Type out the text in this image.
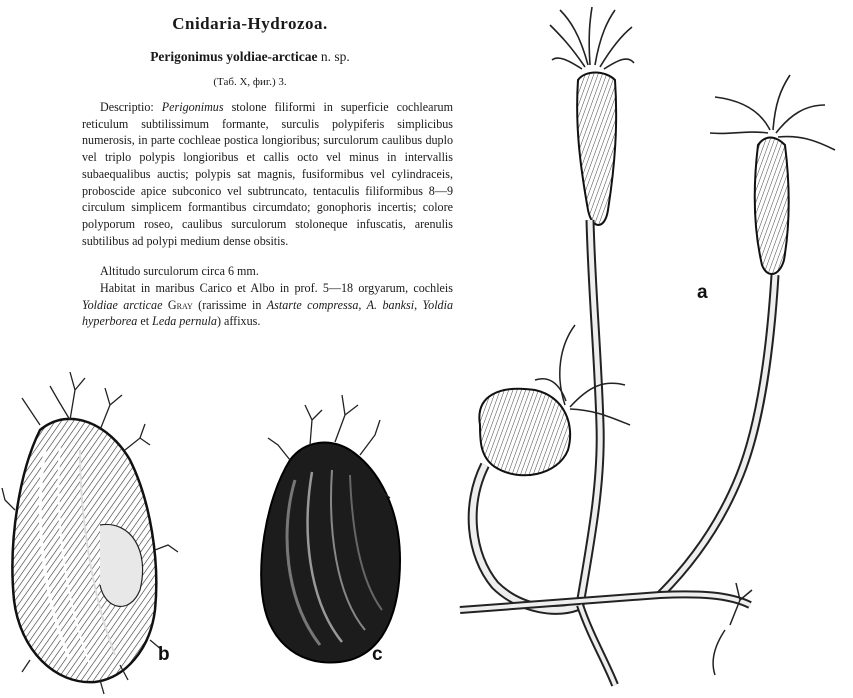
Cnidaria-Hydrozoa.

Perigonimus yoldiae-arcticae n. sp.

(Таб. X, фиг.) 3.

Descriptio: Perigonimus stolone filiformi in superficie cochlearum reticulum subtilissimum formante, surculis polypiferis simplicibus numerosis, in parte cochleae postica longioribus; surculorum caulibus duplo vel triplo polypis longioribus et callis octo vel minus in intervallis subaequalibus auctis; polypis sat magnis, fusiformibus vel cylindraceis, proboscide apice subconico vel subtruncato, tentaculis filiformibus 8—9 circulum simplicem formantibus circumdato; gonophoris incertis; colore polyporum roseo, caulibus surculorum stoloneque infuscatis, arenulis subtilibus ad polypi medium dense obsitis.

Altitudo surculorum circa 6 mm.

Habitat in maribus Carico et Albo in prof. 5—18 orgyarum, cochleis Yoldiae arcticae Gray (rarissime in Astarte compressa, A. banksi, Yoldia hyperborea et Leda pernula) affixus.

b	c
a
